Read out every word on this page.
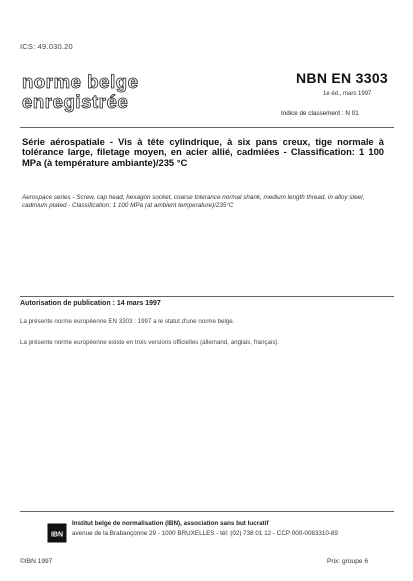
ICS: 49.030.20
norme belge
enregistrée
NBN EN 3303
1e éd., mars 1997
Indice de classement : N 01
Série aérospatiale - Vis à tête cylindrique, à six pans creux, tige normale à tolérance large, filetage moyen, en acier allié, cadmiées - Classification: 1 100 MPa (à température ambiante)/235 °C
Aerospace series - Screw, cap head, hexagon socket, coarse tolerance normal shank, medium length thread, in alloy steel, cadmium plated - Classification: 1 100 MPa (at ambient temperature)/235°C
Autorisation de publication : 14 mars 1997
La présente norme européenne EN 3303 : 1997 a le statut d'une norme belge.
La présente norme européenne existe en trois versions officielles (allemand, anglais, français).
IBN
Institut belge de normalisation (IBN), association sans but lucratif
avenue de la Brabançonne 29 - 1000 BRUXELLES - tél: (02) 738 01 12 - CCP 000-0083310-89
©IBN 1997	Prix: groupe 6
